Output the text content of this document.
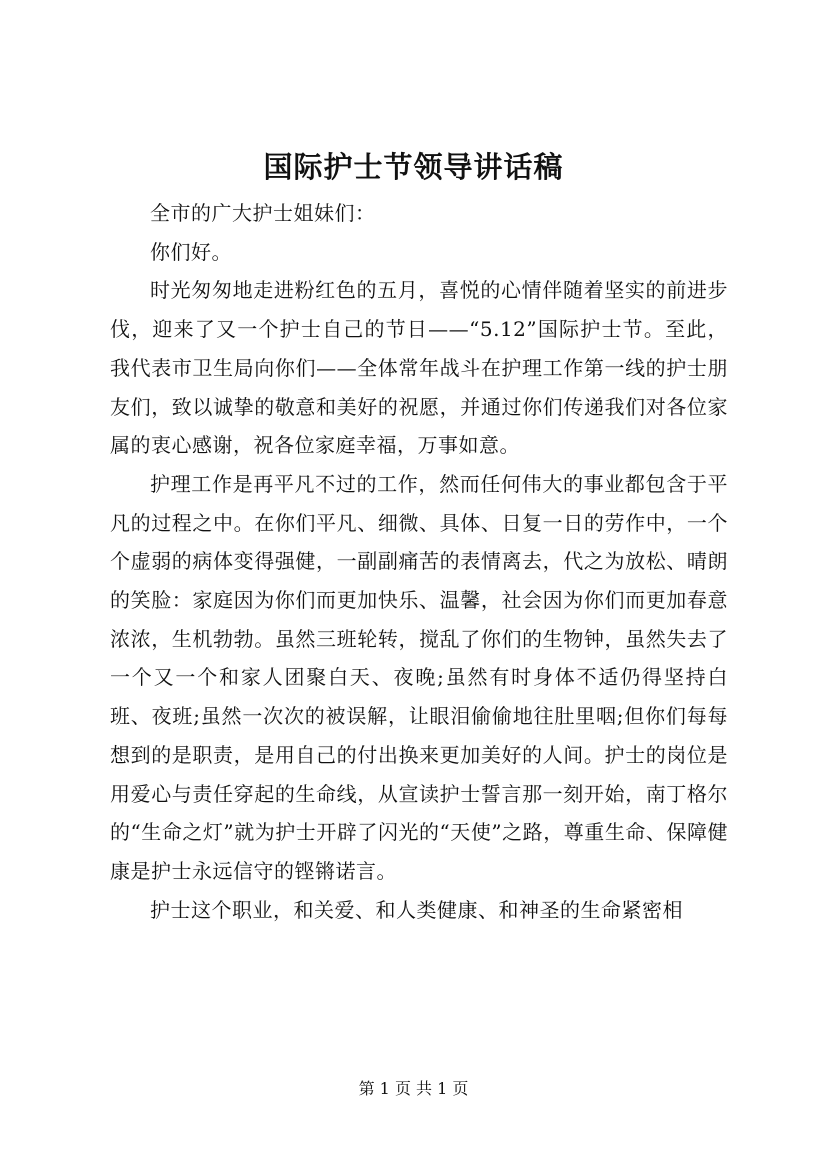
国际护士节领导讲话稿

全市的广大护士姐妹们：

你们好。

时光匆匆地走进粉红色的五月，喜悦的心情伴随着坚实的前进步伐，迎来了又一个护士自己的节日——“5.12”国际护士节。至此，我代表市卫生局向你们——全体常年战斗在护理工作第一线的护士朋友们，致以诚挚的敬意和美好的祝愿，并通过你们传递我们对各位家属的衷心感谢，祝各位家庭幸福，万事如意。

护理工作是再平凡不过的工作，然而任何伟大的事业都包含于平凡的过程之中。在你们平凡、细微、具体、日复一日的劳作中，一个个虚弱的病体变得强健，一副副痛苦的表情离去，代之为放松、晴朗的笑脸：家庭因为你们而更加快乐、温馨，社会因为你们而更加春意浓浓，生机勃勃。虽然三班轮转，搅乱了你们的生物钟，虽然失去了一个又一个和家人团聚白天、夜晚;虽然有时身体不适仍得坚持白班、夜班;虽然一次次的被误解，让眼泪偷偷地往肚里咽;但你们每每想到的是职责，是用自己的付出换来更加美好的人间。护士的岗位是用爱心与责任穿起的生命线，从宣读护士誓言那一刻开始，南丁格尔的“生命之灯”就为护士开辟了闪光的“天使”之路，尊重生命、保障健康是护士永远信守的铿锵诺言。

护士这个职业，和关爱、和人类健康、和神圣的生命紧密相

第 1 页 共 1 页
